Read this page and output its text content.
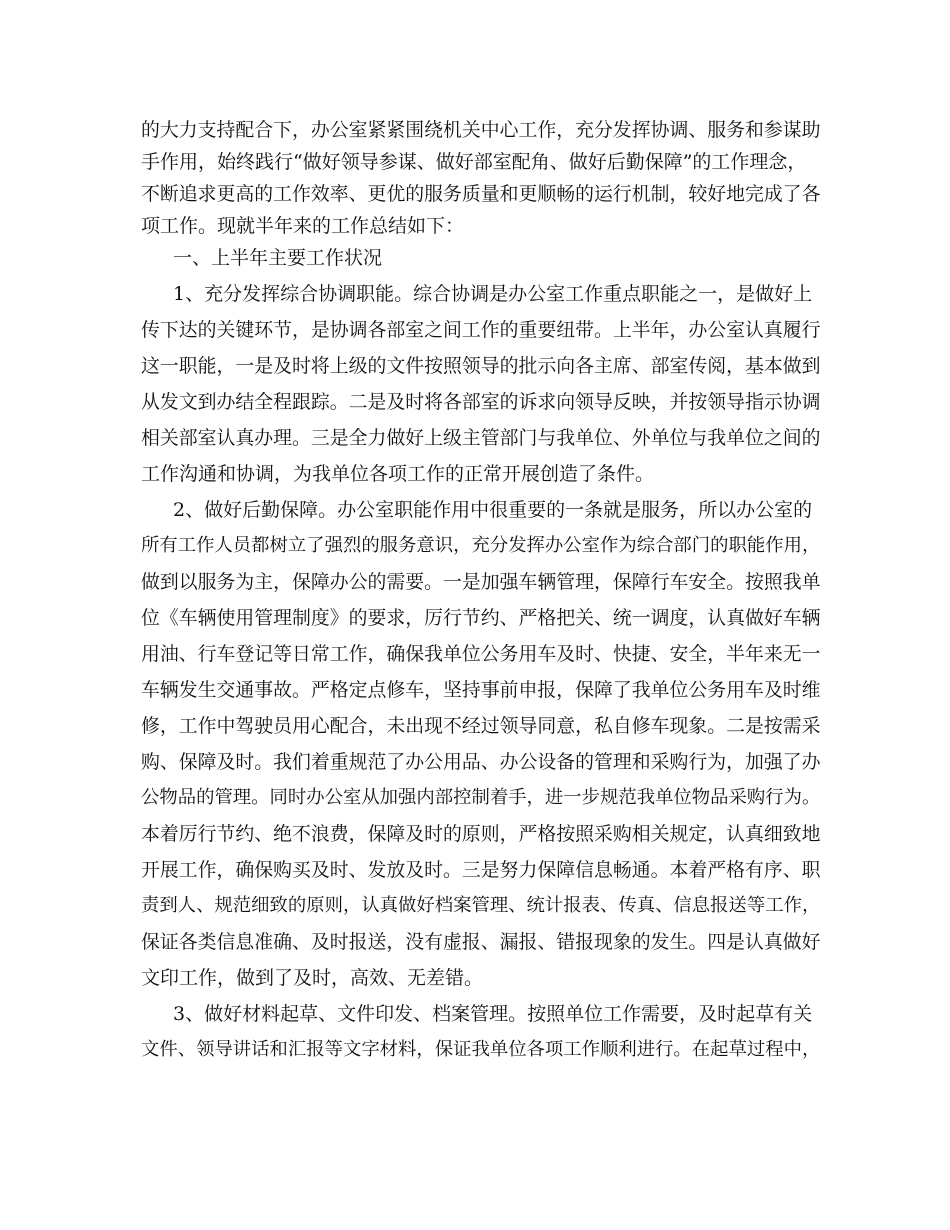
的大力支持配合下，办公室紧紧围绕机关中心工作，充分发挥协调、服务和参谋助
手作用，始终践行“做好领导参谋、做好部室配角、做好后勤保障”的工作理念，
不断追求更高的工作效率、更优的服务质量和更顺畅的运行机制，较好地完成了各
项工作。现就半年来的工作总结如下：
一、上半年主要工作状况
1、充分发挥综合协调职能。综合协调是办公室工作重点职能之一，是做好上
传下达的关键环节，是协调各部室之间工作的重要纽带。上半年，办公室认真履行
这一职能，一是及时将上级的文件按照领导的批示向各主席、部室传阅，基本做到
从发文到办结全程跟踪。二是及时将各部室的诉求向领导反映，并按领导指示协调
相关部室认真办理。三是全力做好上级主管部门与我单位、外单位与我单位之间的
工作沟通和协调，为我单位各项工作的正常开展创造了条件。
2、做好后勤保障。办公室职能作用中很重要的一条就是服务，所以办公室的
所有工作人员都树立了强烈的服务意识，充分发挥办公室作为综合部门的职能作用，
做到以服务为主，保障办公的需要。一是加强车辆管理，保障行车安全。按照我单
位《车辆使用管理制度》的要求，厉行节约、严格把关、统一调度，认真做好车辆
用油、行车登记等日常工作，确保我单位公务用车及时、快捷、安全，半年来无一
车辆发生交通事故。严格定点修车，坚持事前申报，保障了我单位公务用车及时维
修，工作中驾驶员用心配合，未出现不经过领导同意，私自修车现象。二是按需采
购、保障及时。我们着重规范了办公用品、办公设备的管理和采购行为，加强了办
公物品的管理。同时办公室从加强内部控制着手，进一步规范我单位物品采购行为。
本着厉行节约、绝不浪费，保障及时的原则，严格按照采购相关规定，认真细致地
开展工作，确保购买及时、发放及时。三是努力保障信息畅通。本着严格有序、职
责到人、规范细致的原则，认真做好档案管理、统计报表、传真、信息报送等工作，
保证各类信息准确、及时报送，没有虚报、漏报、错报现象的发生。四是认真做好
文印工作，做到了及时，高效、无差错。
3、做好材料起草、文件印发、档案管理。按照单位工作需要，及时起草有关
文件、领导讲话和汇报等文字材料，保证我单位各项工作顺利进行。在起草过程中，
